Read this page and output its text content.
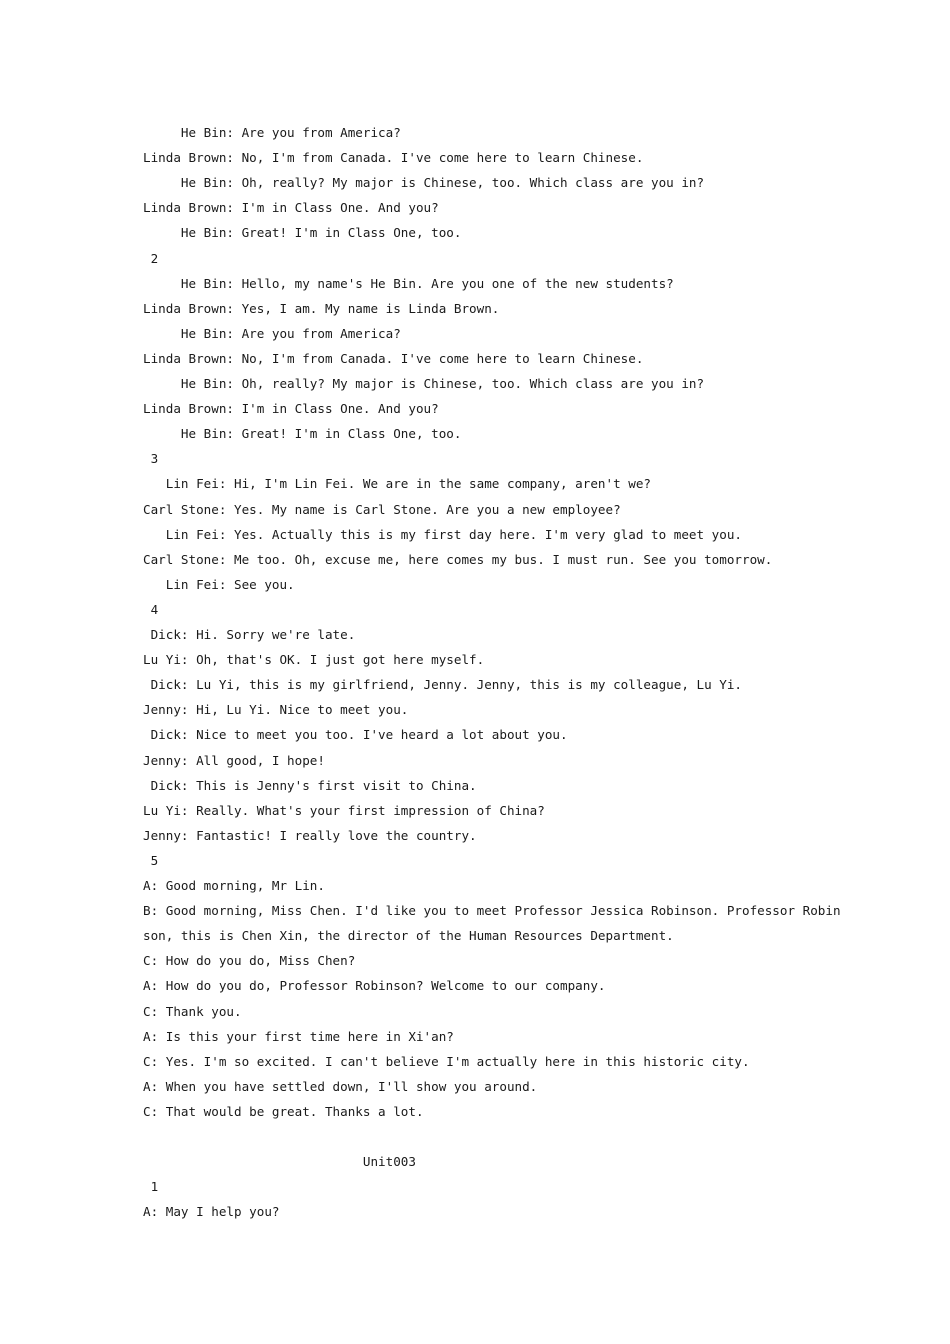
He Bin: Are you from America?
Linda Brown: No, I'm from Canada. I've come here to learn Chinese.
He Bin: Oh, really? My major is Chinese, too. Which class are you in?
Linda Brown: I'm in Class One. And you?
He Bin: Great! I'm in Class One, too.
2
He Bin: Hello, my name's He Bin. Are you one of the new students?
Linda Brown: Yes, I am. My name is Linda Brown.
He Bin: Are you from America?
Linda Brown: No, I'm from Canada. I've come here to learn Chinese.
He Bin: Oh, really? My major is Chinese, too. Which class are you in?
Linda Brown: I'm in Class One. And you?
He Bin: Great! I'm in Class One, too.
3
Lin Fei: Hi, I'm Lin Fei. We are in the same company, aren't we?
Carl Stone: Yes. My name is Carl Stone. Are you a new employee?
Lin Fei: Yes. Actually this is my first day here. I'm very glad to meet you.
Carl Stone: Me too. Oh, excuse me, here comes my bus. I must run. See you tomorrow.
Lin Fei: See you.
4
Dick: Hi. Sorry we're late.
Lu Yi: Oh, that's OK. I just got here myself.
Dick: Lu Yi, this is my girlfriend, Jenny. Jenny, this is my colleague, Lu Yi.
Jenny: Hi, Lu Yi. Nice to meet you.
Dick: Nice to meet you too. I've heard a lot about you.
Jenny: All good, I hope!
Dick: This is Jenny's first visit to China.
Lu Yi: Really. What's your first impression of China?
Jenny: Fantastic! I really love the country.
5
A: Good morning, Mr Lin.
B: Good morning, Miss Chen. I'd like you to meet Professor Jessica Robinson. Professor Robin
son, this is Chen Xin, the director of the Human Resources Department.
C: How do you do, Miss Chen?
A: How do you do, Professor Robinson? Welcome to our company.
C: Thank you.
A: Is this your first time here in Xi'an?
C: Yes. I'm so excited. I can't believe I'm actually here in this historic city.
A: When you have settled down, I'll show you around.
C: That would be great. Thanks a lot.
Unit003
1
A: May I help you?
